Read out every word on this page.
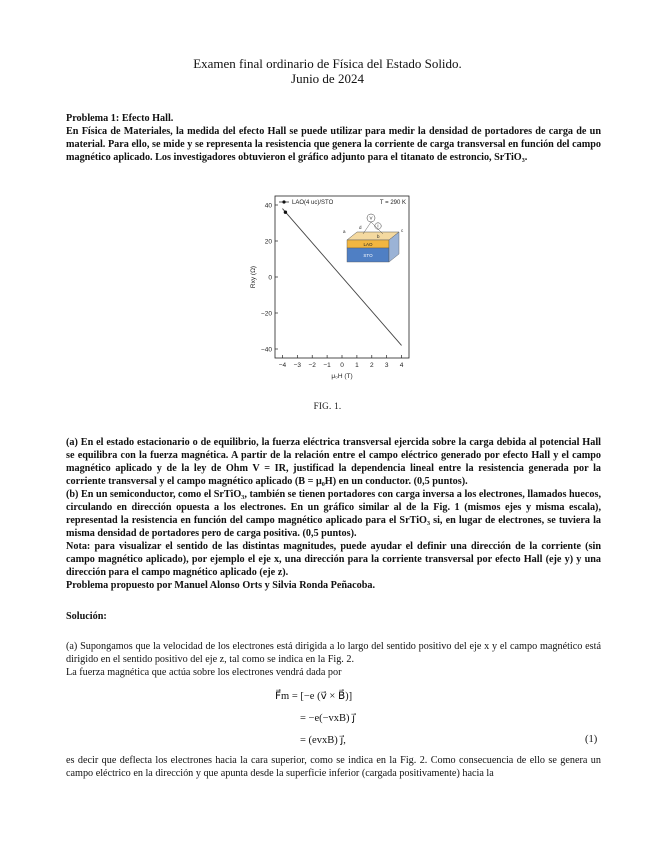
Examen final ordinario de Física del Estado Solido.
Junio de 2024
Problema 1: Efecto Hall.
En Física de Materiales, la medida del efecto Hall se puede utilizar para medir la densidad de portadores de carga de un material. Para ello, se mide y se representa la resistencia que genera la corriente de carga transversal en función del campo magnético aplicado. Los investigadores obtuvieron el gráfico adjunto para el titanato de estroncio, SrTiO₃.
−4 −3 −2 −1 0 1 2 3 4
−40
−20
0
20
40
μ₀H (T)
Rxy (Ω)
LAO(4 uc)/STO	T = 290 K
LAO
STO
V
I
a
b
c
d
FIG. 1.
(a) En el estado estacionario o de equilibrio, la fuerza eléctrica transversal ejercida sobre la carga debida al potencial Hall se equilibra con la fuerza magnética. A partir de la relación entre el campo eléctrico generado por efecto Hall y el campo magnético aplicado y de la ley de Ohm V = IR, justificad la dependencia lineal entre la resistencia generada por la corriente transversal y el campo magnético aplicado (B = μ₀H) en un conductor. (0,5 puntos).
(b) En un semiconductor, como el SrTiO₃, también se tienen portadores con carga inversa a los electrones, llamados huecos, circulando en dirección opuesta a los electrones. En un gráfico similar al de la Fig. 1 (mismos ejes y misma escala), representad la resistencia en función del campo magnético aplicado para el SrTiO₃ si, en lugar de electrones, se tuviera la misma densidad de portadores pero de carga positiva. (0,5 puntos).
Nota: para visualizar el sentido de las distintas magnitudes, puede ayudar el definir una dirección de la corriente (sin campo magnético aplicado), por ejemplo el eje x, una dirección para la corriente transversal por efecto Hall (eje y) y una dirección para el campo magnético aplicado (eje z).
Problema propuesto por Manuel Alonso Orts y Silvia Ronda Peñacoba.
Solución:
(a) Supongamos que la velocidad de los electrones está dirigida a lo largo del sentido positivo del eje x y el campo magnético está dirigido en el sentido positivo del eje z, tal como se indica en la Fig. 2.
La fuerza magnética que actúa sobre los electrones vendrá dada por
F⃗m = [−e (v⃗ × B⃗)]
= −e(−vxB) j⃗
= (evxB) j⃗,	(1)
es decir que deflecta los electrones hacia la cara superior, como se indica en la Fig. 2. Como consecuencia de ello se genera un campo eléctrico en la dirección y que apunta desde la superficie inferior (cargada positivamente) hacia la
